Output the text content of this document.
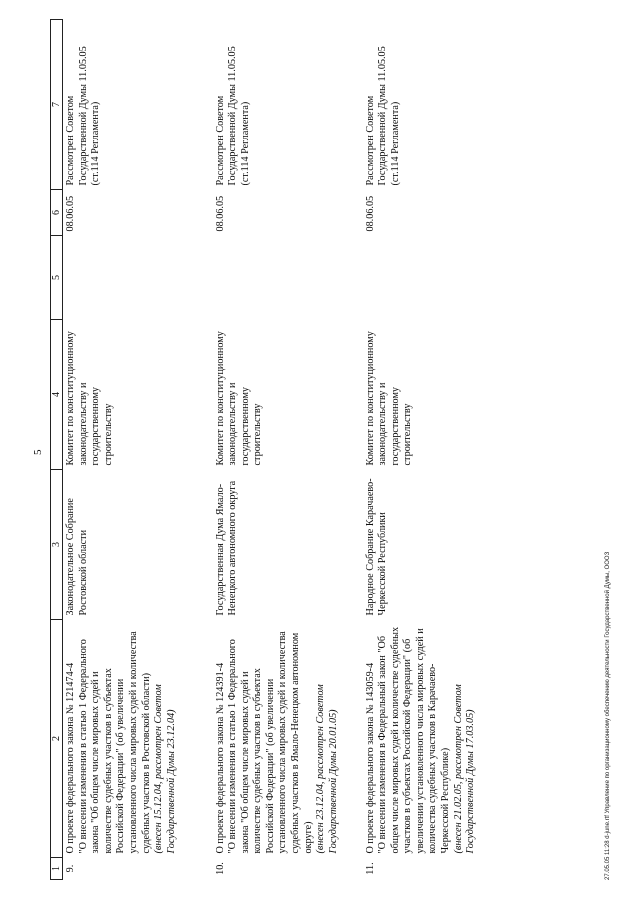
5
1	2	3	4	5	6	7
9.	О проекте федерального закона № 121474-4 "О внесении изменения в статью 1 Федерального закона "Об общем числе мировых судей и количестве судебных участков в субъектах Российской Федерации" (об увеличении установленного числа мировых судей и количества судебных участков в Ростовской области) (внесен 15.12.04, рассмотрен Советом Государственной Думы 23.12.04)	Законодательное Собрание Ростовской области	Комитет по конституционному законодательству и государственному строительству		08.06.05	Рассмотрен Советом Государственной Думы 11.05.05 (ст.114 Регламента)
10.	О проекте федерального закона № 124391-4 "О внесении изменения в статью 1 Федерального закона "Об общем числе мировых судей и количестве судебных участков в субъектах Российской Федерации" (об увеличении установленного числа мировых судей и количества судебных участков в Ямало-Ненецком автономном округе) (внесен 23.12.04, рассмотрен Советом Государственной Думы 20.01.05)	Государственная Дума Ямало-Ненецкого автономного округа	Комитет по конституционному законодательству и государственному строительству		08.06.05	Рассмотрен Советом Государственной Думы 11.05.05 (ст.114 Регламента)
11.	О проекте федерального закона № 143059-4 "О внесении изменения в Федеральный закон "Об общем числе мировых судей и количестве судебных участков в субъектах Российской Федерации" (об увеличении установленного числа мировых судей и количества судебных участков в Карачаево-Черкесской Республике) (внесен 21.02.05, рассмотрен Советом Государственной Думы 17.03.05)	Народное Собрание Карачаево-Черкесской Республики	Комитет по конституционному законодательству и государственному строительству		08.06.05	Рассмотрен Советом Государственной Думы 11.05.05 (ст.114 Регламента)
27.05.05 11:28 d-june.rtf Управление по организационному обеспечению деятельности Государственной Думы, ОООЗ
